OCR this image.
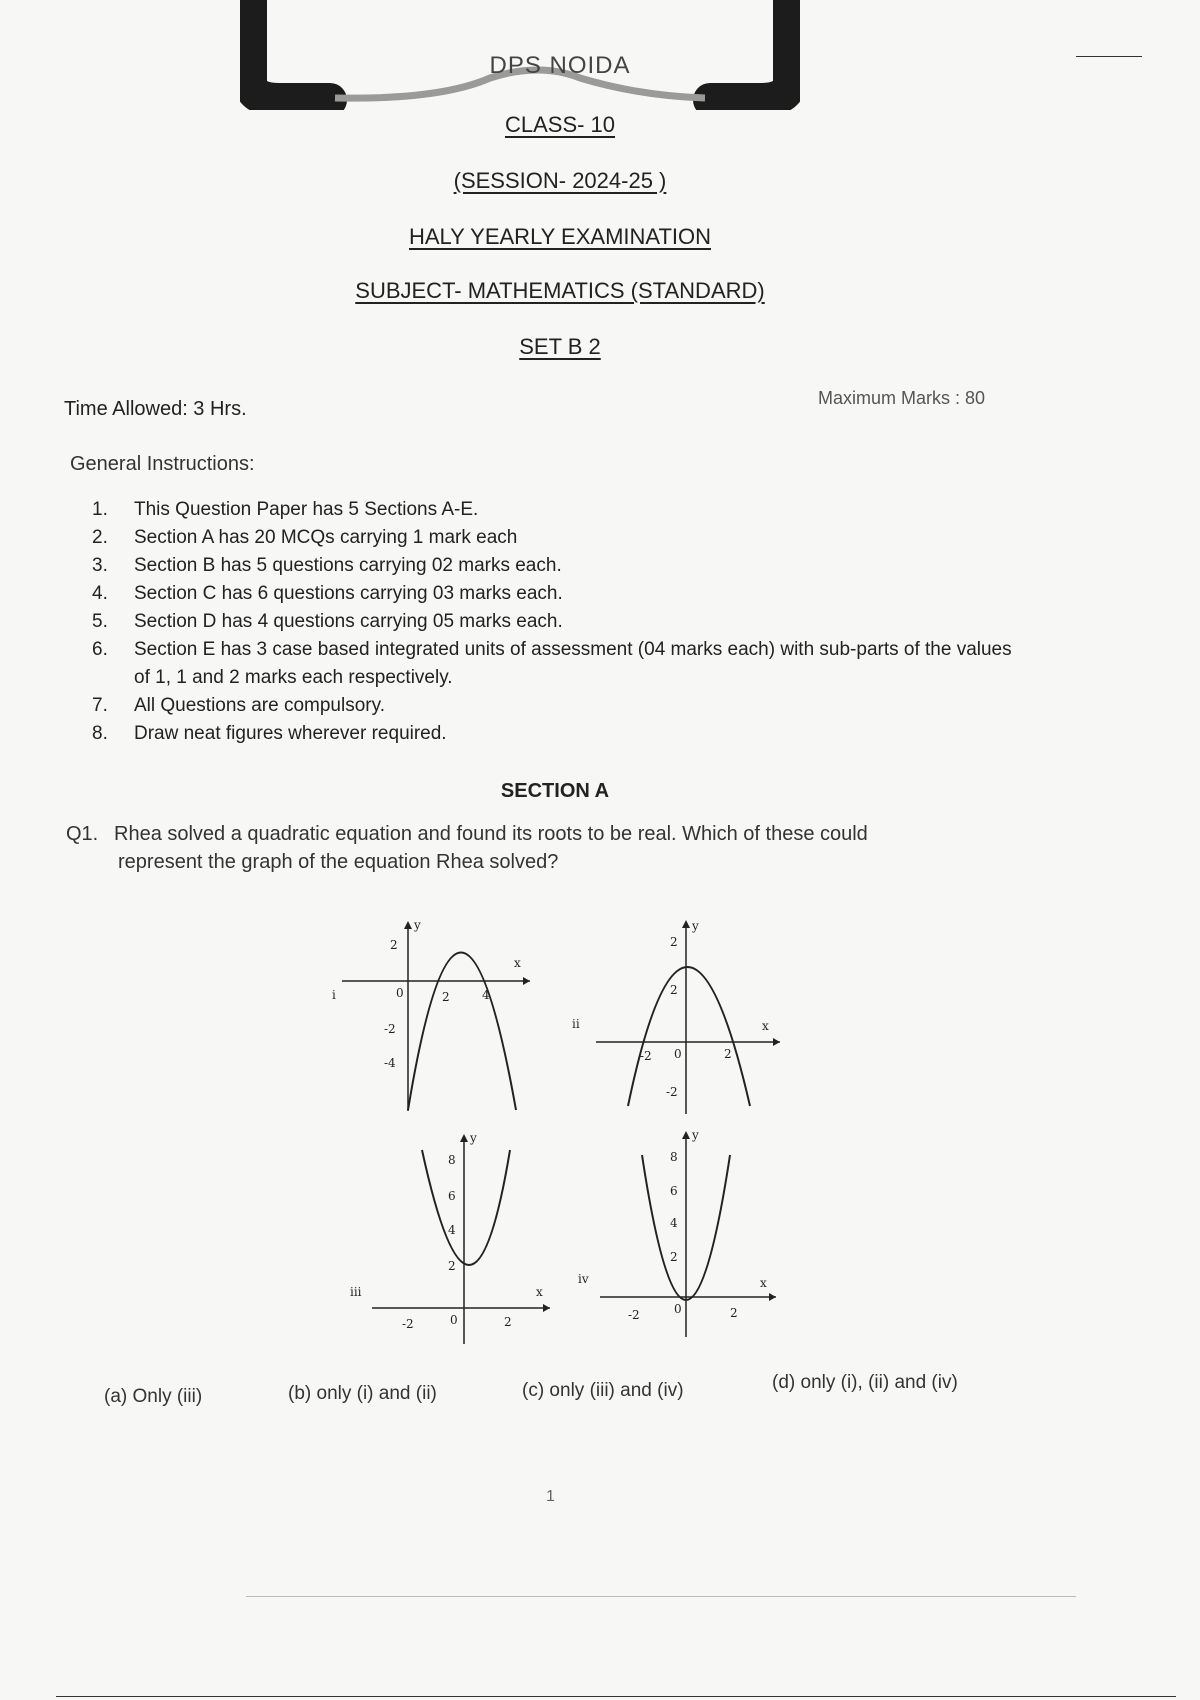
DPS NOIDA
CLASS- 10
(SESSION- 2024-25 )
HALY YEARLY EXAMINATION
SUBJECT- MATHEMATICS (STANDARD)
SET B 2
Time Allowed: 3 Hrs.	Maximum Marks : 80
General Instructions:
1.	This Question Paper has 5 Sections A-E.
2.	Section A has 20 MCQs carrying 1 mark each
3.	Section B has 5 questions carrying 02 marks each.
4.	Section C has 6 questions carrying 03 marks each.
5.	Section D has 4 questions carrying 05 marks each.
6.	Section E has 3 case based integrated units of assessment (04 marks each) with sub-parts of the values of 1, 1 and 2 marks each respectively.
7.	All Questions are compulsory.
8.	Draw neat figures wherever required.
SECTION A
Q1. Rhea solved a quadratic equation and found its roots to be real. Which of these could
represent the graph of the equation Rhea solved?
i
x
y
2
-2
-4
0	2	4
ii	x
y
2
2
-2
-2 0	2
iii	x
y
8
6
4
2
-2	0	2
iv	x
y
8
6
4
2
-2	0	2
(a) Only (iii)	(b) only (i) and (ii)	(c) only (iii) and (iv)	(d) only (i), (ii) and (iv)
1
